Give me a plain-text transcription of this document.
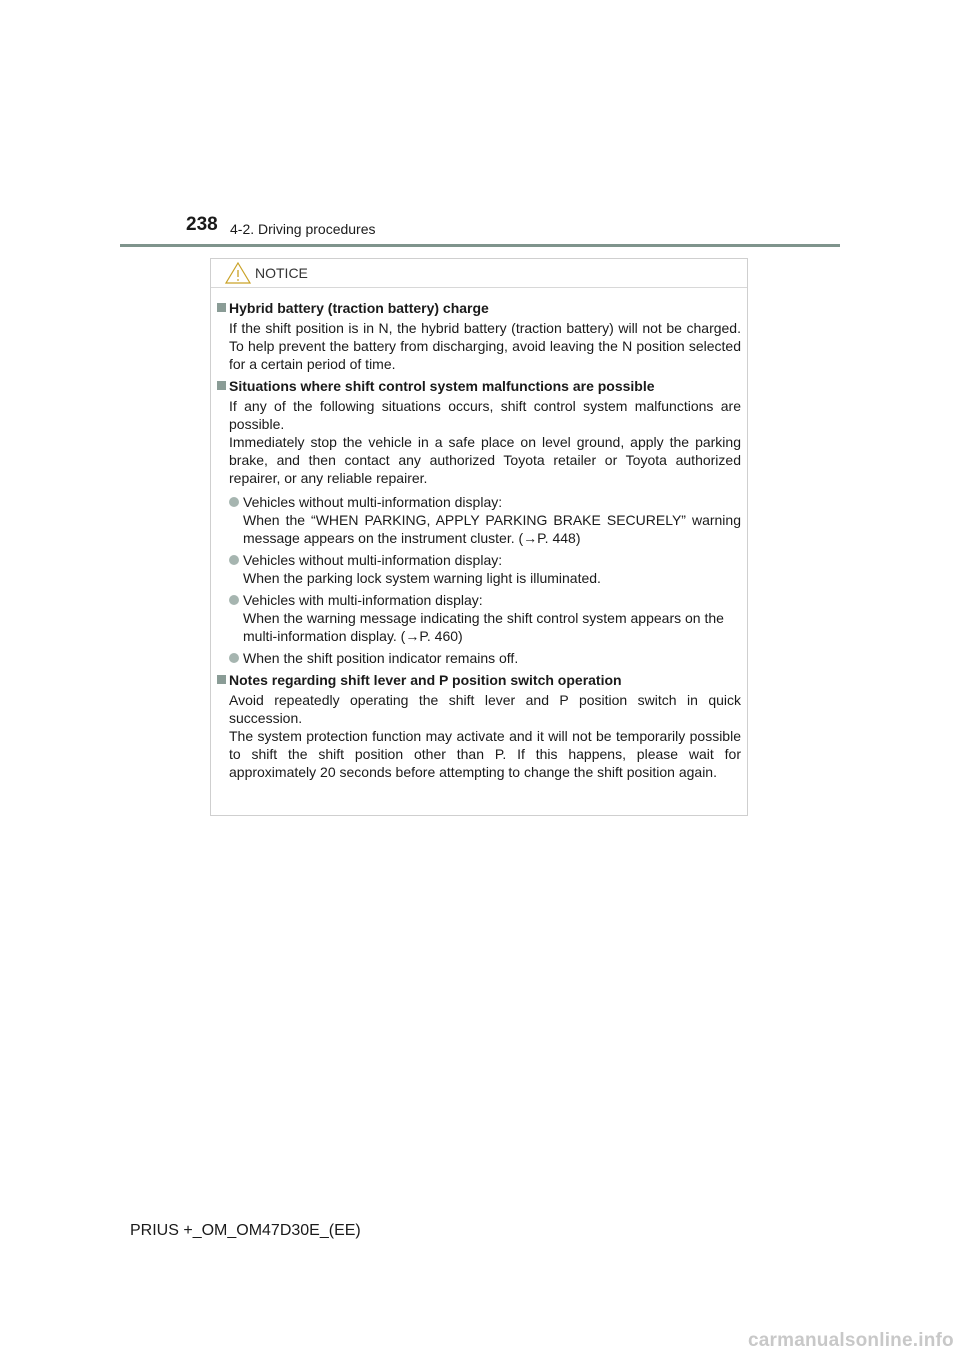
238 4-2. Driving procedures
NOTICE
Hybrid battery (traction battery) charge
If the shift position is in N, the hybrid battery (traction battery) will not be charged. To help prevent the battery from discharging, avoid leaving the N position selected for a certain period of time.
Situations where shift control system malfunctions are possible
If any of the following situations occurs, shift control system malfunctions are possible.
Immediately stop the vehicle in a safe place on level ground, apply the parking brake, and then contact any authorized Toyota retailer or Toyota authorized repairer, or any reliable repairer.
Vehicles without multi-information display:
When the “WHEN PARKING, APPLY PARKING BRAKE SECURELY” warning message appears on the instrument cluster. (→P. 448)
Vehicles without multi-information display:
When the parking lock system warning light is illuminated.
Vehicles with multi-information display:
When the warning message indicating the shift control system appears on the multi-information display. (→P. 460)
When the shift position indicator remains off.
Notes regarding shift lever and P position switch operation
Avoid repeatedly operating the shift lever and P position switch in quick succession.
The system protection function may activate and it will not be temporarily possible to shift the shift position other than P. If this happens, please wait for approximately 20 seconds before attempting to change the shift position again.
PRIUS +_OM_OM47D30E_(EE)
carmanualsonline.info
